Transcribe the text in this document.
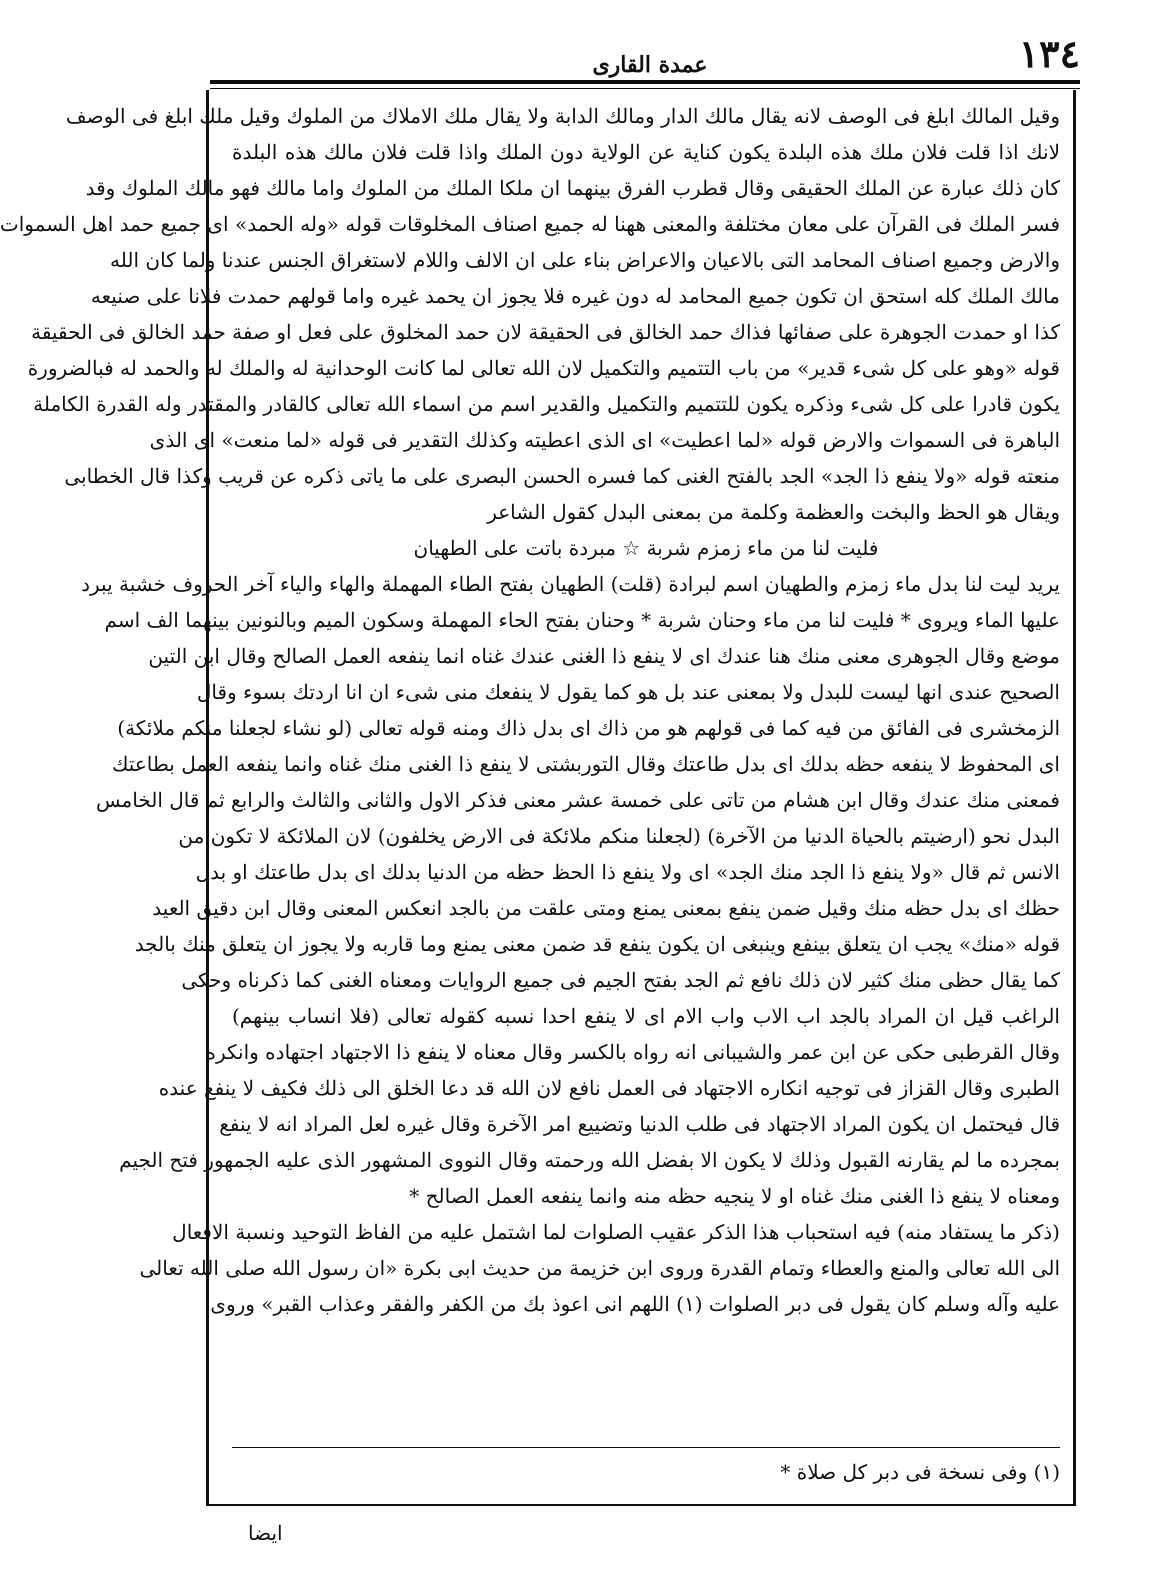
١٣٤
عمدة القاری
وقیل المالك ابلغ فی الوصف لانه یقال مالك الدار ومالك الدابة ولا یقال ملك الاملاك من الملوك وقیل ملك ابلغ فی الوصف
لانك اذا قلت فلان ملك هذه البلدة یكون كنایة عن الولایة دون الملك واذا قلت فلان مالك هذه البلدة
كان ذلك عبارة عن الملك الحقیقی وقال قطرب الفرق بینهما ان ملكا الملك من الملوك واما مالك فهو مالك الملوك وقد
فسر الملك فی القرآن علی معان مختلفة والمعنی ههنا له جمیع اصناف المخلوقات قوله «وله الحمد» ای جمیع حمد اهل السموات
والارض وجمیع اصناف المحامد التی بالاعیان والاعراض بناء علی ان الالف واللام لاستغراق الجنس عندنا ولما كان الله
مالك الملك كله استحق ان تكون جمیع المحامد له دون غیره فلا یجوز ان یحمد غیره واما قولهم حمدت فلانا علی صنیعه
كذا او حمدت الجوهرة علی صفائها فذاك حمد الخالق فی الحقیقة لان حمد المخلوق علی فعل او صفة حمد الخالق فی الحقیقة
قوله «وهو علی كل شیء قدیر» من باب التتمیم والتكمیل لان الله تعالی لما كانت الوحدانیة له والملك له والحمد له فبالضرورة
یكون قادرا علی كل شیء وذكره یكون للتتمیم والتكمیل والقدیر اسم من اسماء الله تعالی كالقادر والمقتدر وله القدرة الكاملة
الباهرة فی السموات والارض قوله «لما اعطیت» ای الذی اعطیته وكذلك التقدیر فی قوله «لما منعت» ای الذی
منعته قوله «ولا ینفع ذا الجد» الجد بالفتح الغنی كما فسره الحسن البصری علی ما یاتی ذكره عن قریب وكذا قال الخطابی
ویقال هو الحظ والبخت والعظمة وكلمة من بمعنی البدل كقول الشاعر
فلیت لنا من ماء زمزم شربة ☆ مبردة باتت علی الطهیان
یرید لیت لنا بدل ماء زمزم والطهیان اسم لبرادة (قلت) الطهیان بفتح الطاء المهملة والهاء والیاء آخر الحروف خشبة یبرد
علیها الماء ویروی * فلیت لنا من ماء وحنان شربة * وحنان بفتح الحاء المهملة وسكون المیم وبالنونین بینهما الف اسم
موضع وقال الجوهری معنی منك هنا عندك ای لا ینفع ذا الغنی عندك غناه انما ینفعه العمل الصالح وقال ابن التین
الصحیح عندی انها لیست للبدل ولا بمعنی عند بل هو كما یقول لا ینفعك منی شیء ان انا اردتك بسوء وقال
الزمخشری فی الفائق من فیه كما فی قولهم هو من ذاك ای بدل ذاك ومنه قوله تعالی (لو نشاء لجعلنا منكم ملائكة)
ای المحفوظ لا ینفعه حظه بدلك ای بدل طاعتك وقال التوربشتی لا ینفع ذا الغنی منك غناه وانما ینفعه العمل بطاعتك
فمعنی منك عندك وقال ابن هشام من تاتی علی خمسة عشر معنی فذكر الاول والثانی والثالث والرابع ثم قال الخامس
البدل نحو (ارضیتم بالحیاة الدنیا من الآخرة) (لجعلنا منكم ملائكة فی الارض یخلفون) لان الملائكة لا تكون من
الانس ثم قال «ولا ینفع ذا الجد منك الجد» ای ولا ینفع ذا الحظ حظه من الدنیا بدلك ای بدل طاعتك او بدل
حظك ای بدل حظه منك وقیل ضمن ینفع بمعنی یمنع ومتی علقت من بالجد انعكس المعنی وقال ابن دقیق العید
قوله «منك» یجب ان یتعلق بینفع وینبغی ان یكون ینفع قد ضمن معنی یمنع وما قاربه ولا یجوز ان یتعلق منك بالجد
كما یقال حظی منك كثیر لان ذلك نافع ثم الجد بفتح الجیم فی جمیع الروایات ومعناه الغنی كما ذكرناه وحكی
الراغب قیل ان المراد بالجد اب الاب واب الام ای لا ینفع احدا نسبه كقوله تعالی (فلا انساب بینهم)
وقال القرطبی حكی عن ابن عمر والشیبانی انه رواه بالكسر وقال معناه لا ینفع ذا الاجتهاد اجتهاده وانكره
الطبری وقال القزاز فی توجیه انكاره الاجتهاد فی العمل نافع لان الله قد دعا الخلق الی ذلك فكیف لا ینفع عنده
قال فیحتمل ان یكون المراد الاجتهاد فی طلب الدنیا وتضییع امر الآخرة وقال غیره لعل المراد انه لا ینفع
بمجرده ما لم یقارنه القبول وذلك لا یكون الا بفضل الله ورحمته وقال النووی المشهور الذی علیه الجمهور فتح الجیم
ومعناه لا ینفع ذا الغنی منك غناه او لا ینجیه حظه منه وانما ینفعه العمل الصالح *
(ذكر ما یستفاد منه) فیه استحباب هذا الذكر عقیب الصلوات لما اشتمل علیه من الفاظ التوحید ونسبة الافعال
الی الله تعالی والمنع والعطاء وتمام القدرة وروی ابن خزیمة من حدیث ابی بكرة «ان رسول الله صلی الله تعالی
علیه وآله وسلم كان یقول فی دبر الصلوات (١) اللهم انی اعوذ بك من الكفر والفقر وعذاب القبر» وروی
(١) وفی نسخة فی دبر كل صلاة *
ایضا
